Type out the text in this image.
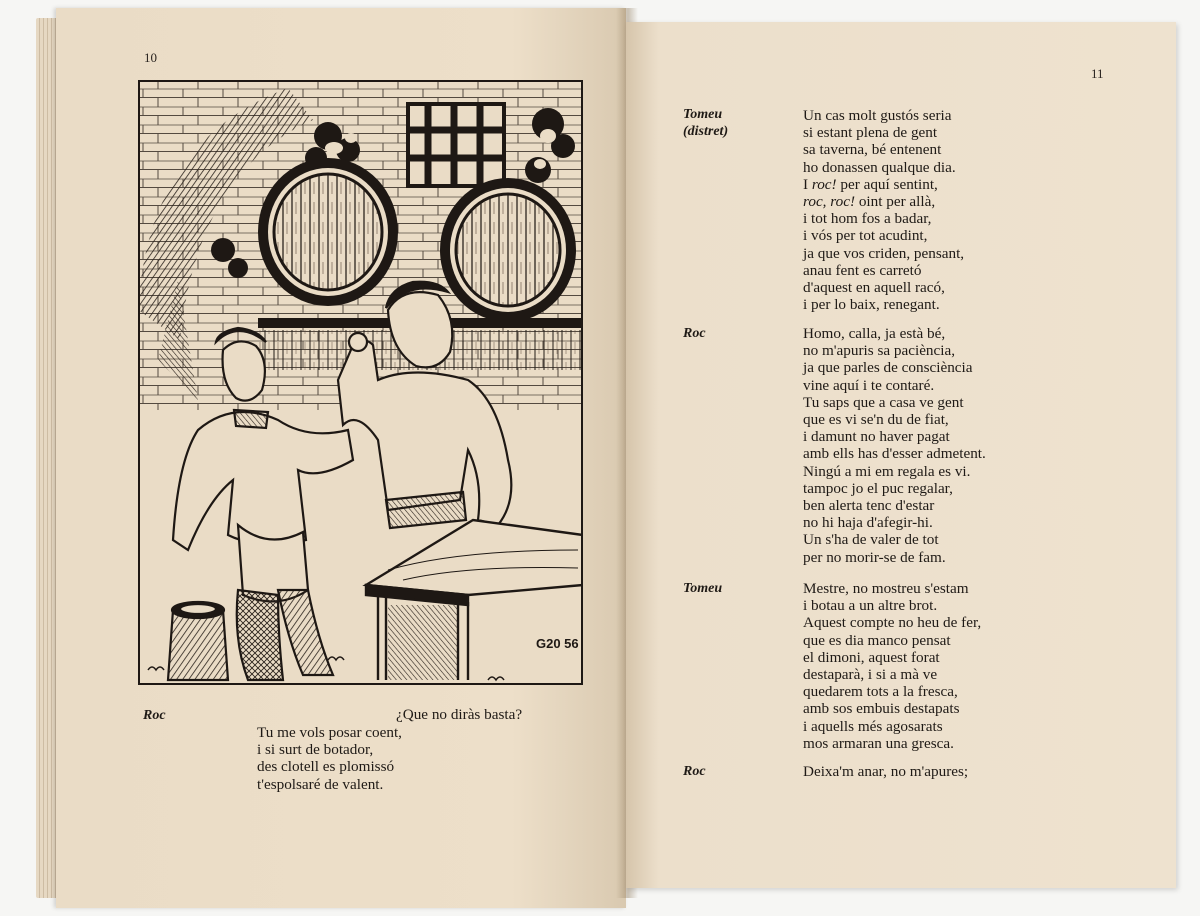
10
G20 56
Roc	¿Que no diràs basta?
Tu me vols posar coent,
i si surt de botador,
des clotell es plomissó
t'espolsaré de valent.
11
Tomeu
(distret)
Un cas molt gustós seria
si estant plena de gent
sa taverna, bé entenent
ho donassen qualque dia.
I roc! per aquí sentint,
roc, roc! oint per allà,
i tot hom fos a badar,
i vós per tot acudint,
ja que vos criden, pensant,
anau fent es carretó
d'aquest en aquell racó,
i per lo baix, renegant.
Roc	Homo, calla, ja està bé,
no m'apuris sa paciència,
ja que parles de consciència
vine aquí i te contaré.
Tu saps que a casa ve gent
que es vi se'n du de fiat,
i damunt no haver pagat
amb ells has d'esser admetent.
Ningú a mi em regala es vi.
tampoc jo el puc regalar,
ben alerta tenc d'estar
no hi haja d'afegir-hi.
Un s'ha de valer de tot
per no morir-se de fam.
Tomeu	Mestre, no mostreu s'estam
i botau a un altre brot.
Aquest compte no heu de fer,
que es dia manco pensat
el dimoni, aquest forat
destaparà, i si a mà ve
quedarem tots a la fresca,
amb sos embuis destapats
i aquells més agosarats
mos armaran una gresca.
Roc	Deixa'm anar, no m'apures;
